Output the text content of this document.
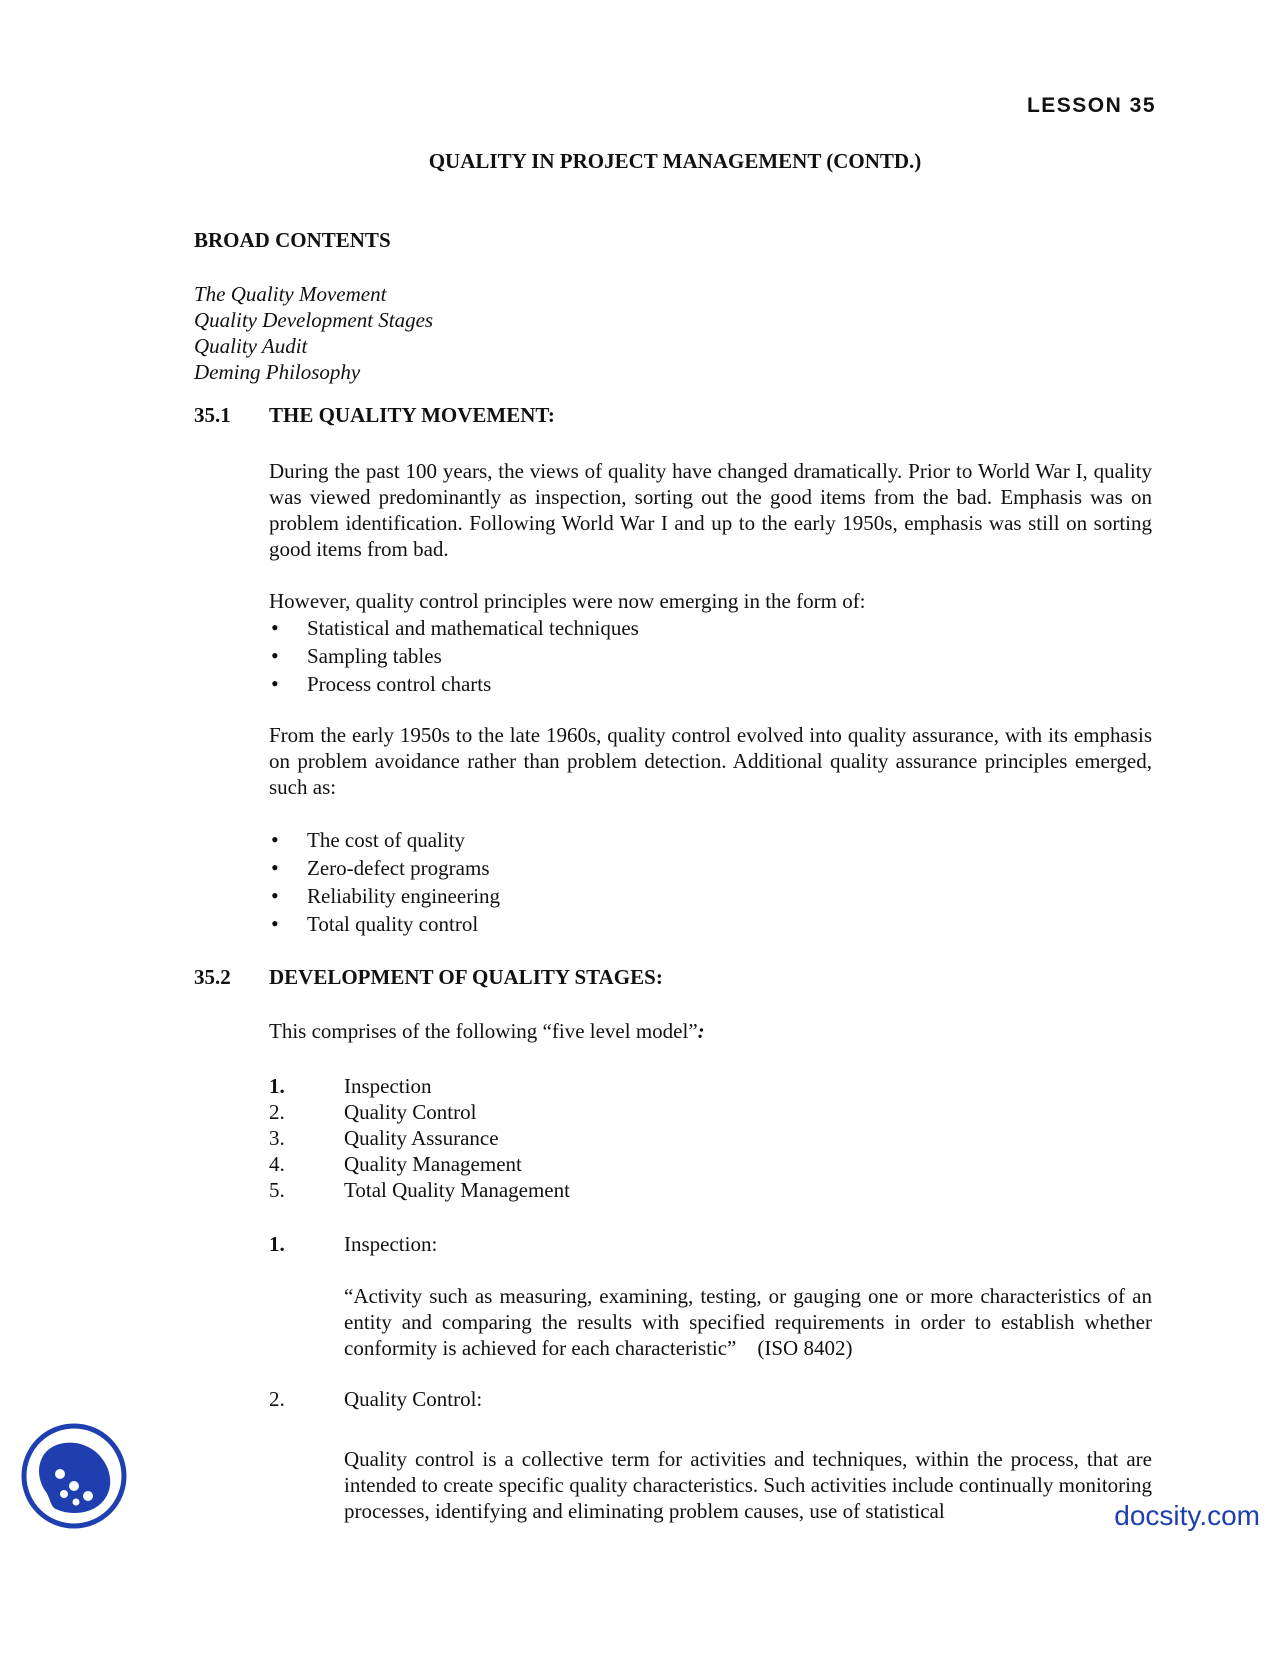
LESSON 35
QUALITY IN PROJECT MANAGEMENT (CONTD.)
BROAD CONTENTS
The Quality Movement
Quality Development Stages
Quality Audit
Deming Philosophy
35.1 THE QUALITY MOVEMENT:

During the past 100 years, the views of quality have changed dramatically. Prior to World War I, quality was viewed predominantly as inspection, sorting out the good items from the bad. Emphasis was on problem identification. Following World War I and up to the early 1950s, emphasis was still on sorting good items from bad.

However, quality control principles were now emerging in the form of:

• Statistical and mathematical techniques
• Sampling tables
• Process control charts

From the early 1950s to the late 1960s, quality control evolved into quality assurance, with its emphasis on problem avoidance rather than problem detection. Additional quality assurance principles emerged, such as:

• The cost of quality
• Zero-defect programs
• Reliability engineering
• Total quality control
35.2 DEVELOPMENT OF QUALITY STAGES:
This comprises of the following “five level model”:
1.	Inspection
2.	Quality Control
3.	Quality Assurance
4.	Quality Management
5.	Total Quality Management
1.	Inspection:

“Activity such as measuring, examining, testing, or gauging one or more characteristics of an entity and comparing the results with specified requirements in order to establish whether conformity is achieved for each characteristic” (ISO 8402)

2.	Quality Control:

Quality control is a collective term for activities and techniques, within the process, that are intended to create specific quality characteristics. Such activities include continually monitoring processes, identifying and eliminating problem causes, use of statistical	docsity.com
